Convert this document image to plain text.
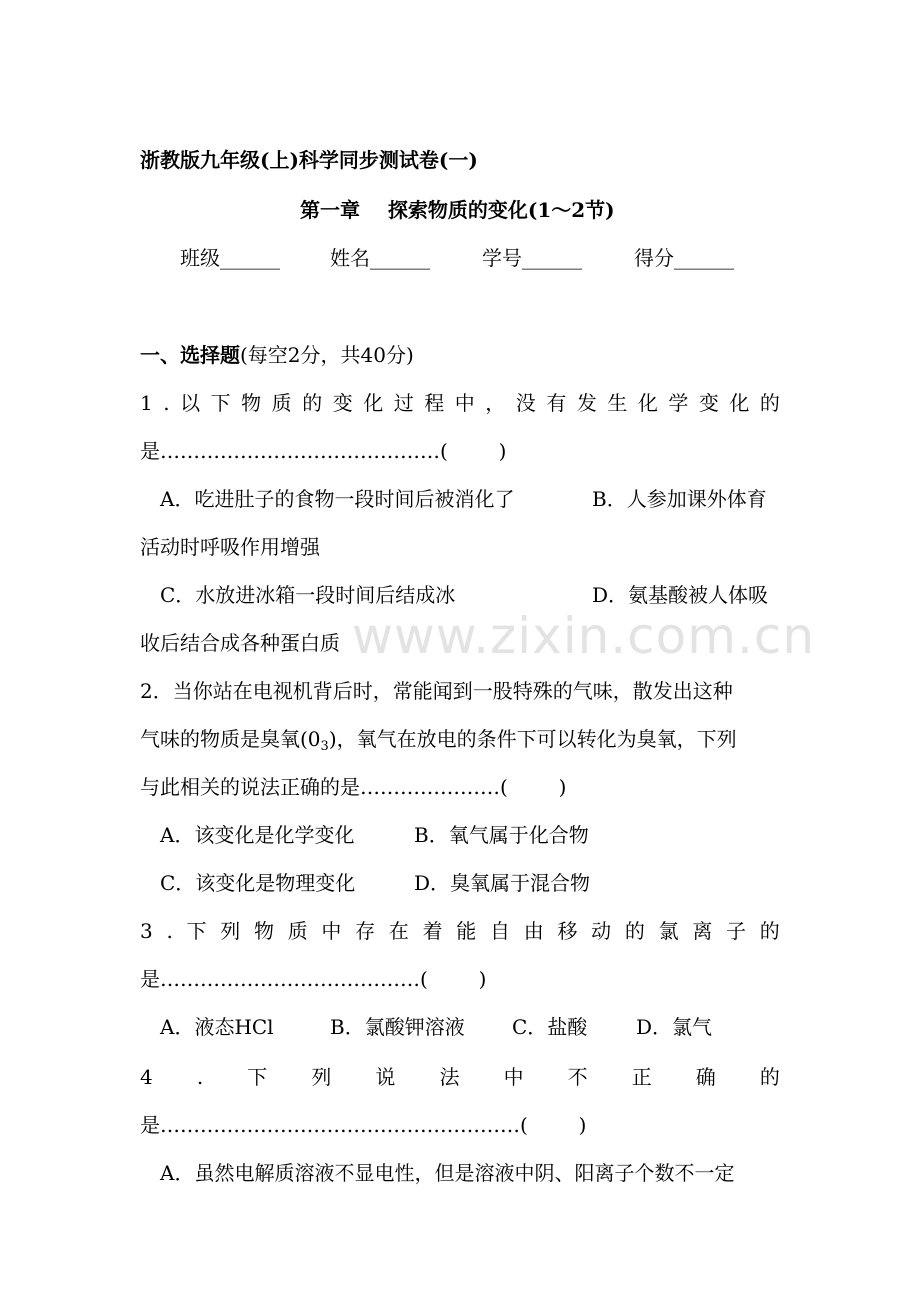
浙教版九年级(上)科学同步测试卷(一)
第一章    探索物质的变化(1～2节)
班级______	姓名______	学号______	得分______
一、选择题(每空2分，共40分)
1 . 以 下 物 质 的 变 化 过 程 中 ， 没 有 发 生 化 学 变 化 的
是……………………………………(        )
A．吃进肚子的食物一段时间后被消化了	B．人参加课外体育
活动时呼吸作用增强
C．水放进冰箱一段时间后结成冰	D．氨基酸被人体吸
收后结合成各种蛋白质 www.zixin.com.cn
2．当你站在电视机背后时，常能闻到一股特殊的气味，散发出这种
气味的物质是臭氧$(0_3)$，氧气在放电的条件下可以转化为臭氧，下列
与此相关的说法正确的是…………………(        )
A．该变化是化学变化	B．氧气属于化合物
C．该变化是物理变化	D．臭氧属于混合物
3 . 下 列 物 质 中 存 在 着 能 自 由 移 动 的 氯 离 子 的
是…………………………………(        )
A．液态HCl	B．氯酸钾溶液 C．盐酸 D．氯气
4 . 下 列 说 法 中 不 正 确 的
是………………………………………………(        )
A．虽然电解质溶液不显电性，但是溶液中阴、阳离子个数不一定
